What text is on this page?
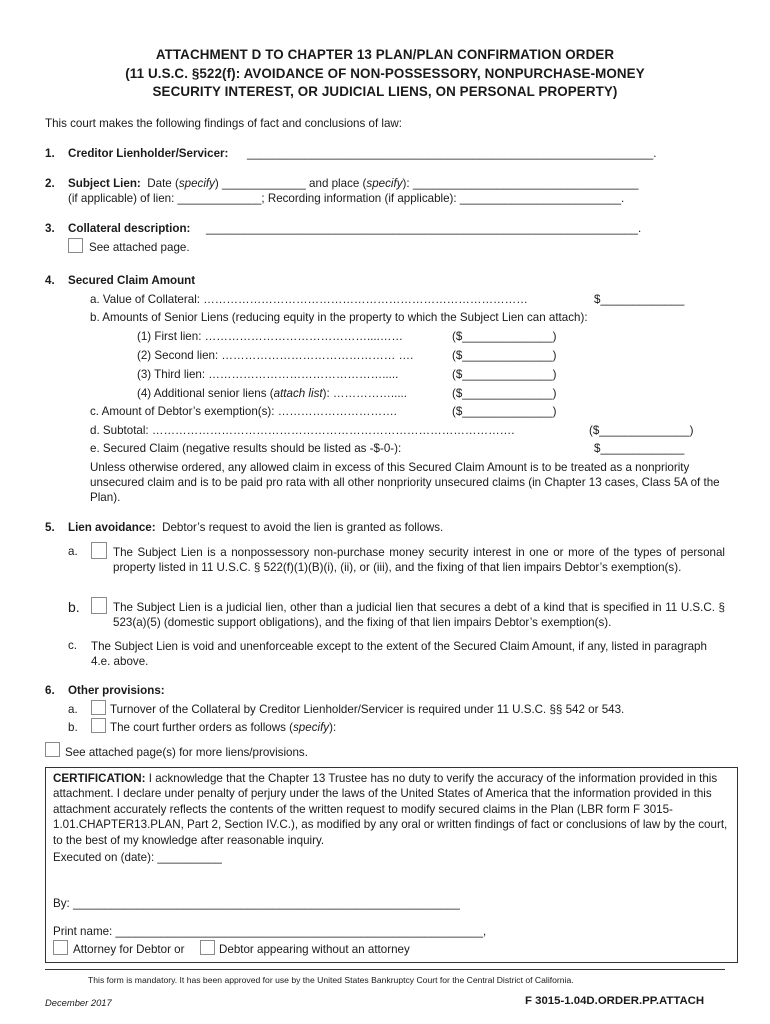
ATTACHMENT D TO CHAPTER 13 PLAN/PLAN CONFIRMATION ORDER
(11 U.S.C. §522(f): AVOIDANCE OF NON-POSSESSORY, NONPURCHASE-MONEY
SECURITY INTEREST, OR JUDICIAL LIENS, ON PERSONAL PROPERTY)
This court makes the following findings of fact and conclusions of law:
1. Creditor Lienholder/Servicer: _______________________________________________________________.
2. Subject Lien: Date (specify) _____________ and place (specify): ___________________________________
(if applicable) of lien: _____________; Recording information (if applicable): _________________________.
3. Collateral description: ___________________________________________________________________.
See attached page.
4. Secured Claim Amount
a. Value of Collateral: …………………………………………………………………………	$_____________
b. Amounts of Senior Liens (reducing equity in the property to which the Subject Lien can attach):
(1) First lien: ……………………………………....……	($______________)
(2) Second lien: ……………………………………… ….	($______________)
(3) Third lien: ……………………………………….....	($______________)
(4) Additional senior liens (attach list): …………….....	($______________)
c. Amount of Debtor’s exemption(s): ………………………….	($______________)
d. Subtotal: ………………………………………………………………………………….	($______________)
e. Secured Claim (negative results should be listed as -$-0-):	$_____________
Unless otherwise ordered, any allowed claim in excess of this Secured Claim Amount is to be treated as a nonpriority unsecured claim and is to be paid pro rata with all other nonpriority unsecured claims (in Chapter 13 cases, Class 5A of the Plan).
5. Lien avoidance: Debtor’s request to avoid the lien is granted as follows.
a.	The Subject Lien is a nonpossessory non-purchase money security interest in one or more of the types of personal property listed in 11 U.S.C. § 522(f)(1)(B)(i), (ii), or (iii), and the fixing of that lien impairs Debtor’s exemption(s).
b.	The Subject Lien is a judicial lien, other than a judicial lien that secures a debt of a kind that is specified in 11 U.S.C. § 523(a)(5) (domestic support obligations), and the fixing of that lien impairs Debtor’s exemption(s).
c. The Subject Lien is void and unenforceable except to the extent of the Secured Claim Amount, if any, listed in paragraph 4.e. above.
6. Other provisions:
a.	Turnover of the Collateral by Creditor Lienholder/Servicer is required under 11 U.S.C. §§ 542 or 543.
b.	The court further orders as follows (specify):
See attached page(s) for more liens/provisions.
CERTIFICATION: I acknowledge that the Chapter 13 Trustee has no duty to verify the accuracy of the information provided in this attachment. I declare under penalty of perjury under the laws of the United States of America that the information provided in this attachment accurately reflects the contents of the written request to modify secured claims in the Plan (LBR form F 3015-1.01.CHAPTER13.PLAN, Part 2, Section IV.C.), as modified by any oral or written findings of fact or conclusions of law by the court, to the best of my knowledge after reasonable inquiry.
Executed on (date): __________
By: ____________________________________________________________
Print name: _________________________________________________________,
Attorney for Debtor or	Debtor appearing without an attorney
This form is mandatory. It has been approved for use by the United States Bankruptcy Court for the Central District of California.
December 2017	F 3015-1.04D.ORDER.PP.ATTACH
